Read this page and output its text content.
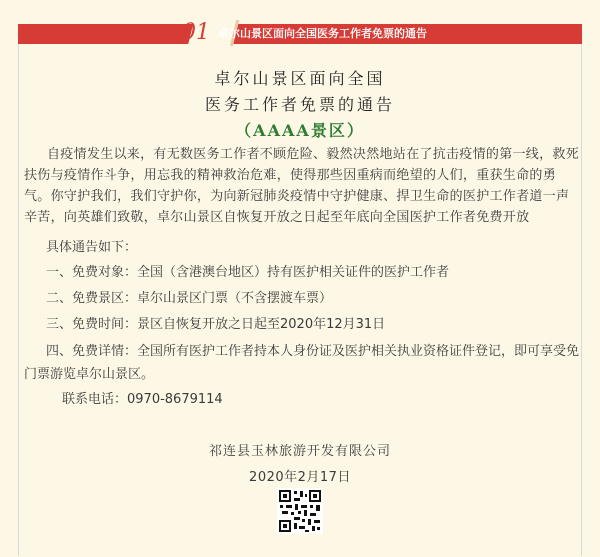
01 卓尔山景区面向全国医务工作者免票的通告
卓尔山景区面向全国
医务工作者免票的通告
（AAAA景区）
自疫情发生以来，有无数医务工作者不顾危险、毅然决然地站在了抗击疫情的第一线，救死扶伤与疫情作斗争，用忘我的精神救治危难，使得那些因重病而绝望的人们，重获生命的勇气。你守护我们，我们守护你，为向新冠肺炎疫情中守护健康、捍卫生命的医护工作者道一声辛苦，向英雄们致敬，卓尔山景区自恢复开放之日起至年底向全国医护工作者免费开放
具体通告如下：
一、免费对象：全国（含港澳台地区）持有医护相关证件的医护工作者
二、免费景区：卓尔山景区门票（不含摆渡车票）
三、免费时间：景区自恢复开放之日起至2020年12月31日
四、免费详情：全国所有医护工作者持本人身份证及医护相关执业资格证件登记，即可享受免门票游览卓尔山景区。
联系电话：0970-8679114
祁连县玉林旅游开发有限公司
2020年2月17日
